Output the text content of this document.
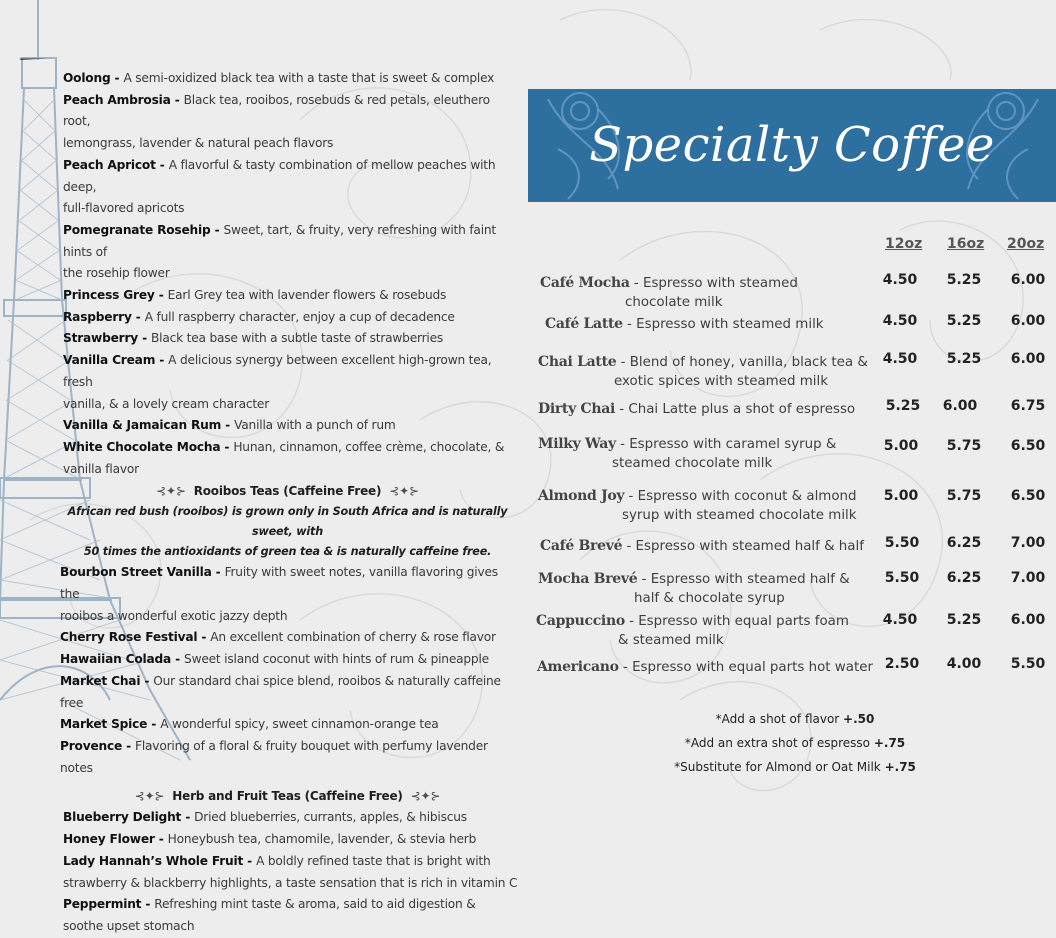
Oolong - A semi-oxidized black tea with a taste that is sweet & complex
Peach Ambrosia - Black tea, rooibos, rosebuds & red petals, eleuthero root,
lemongrass, lavender & natural peach flavors
Peach Apricot - A flavorful & tasty combination of mellow peaches with deep,
full-flavored apricots
Pomegranate Rosehip - Sweet, tart, & fruity, very refreshing with faint hints of
the rosehip flower
Princess Grey - Earl Grey tea with lavender flowers & rosebuds
Raspberry - A full raspberry character, enjoy a cup of decadence
Strawberry - Black tea base with a subtle taste of strawberries
Vanilla Cream - A delicious synergy between excellent high-grown tea, fresh
vanilla, & a lovely cream character
Vanilla & Jamaican Rum - Vanilla with a punch of rum
White Chocolate Mocha - Hunan, cinnamon, coffee crème, chocolate, &
vanilla flavor
⊰✦⊱ Rooibos Teas (Caffeine Free) ⊰✦⊱
African red bush (rooibos) is grown only in South Africa and is naturally sweet, with
50 times the antioxidants of green tea & is naturally caffeine free.
Bourbon Street Vanilla - Fruity with sweet notes, vanilla flavoring gives the
rooibos a wonderful exotic jazzy depth
Cherry Rose Festival - An excellent combination of cherry & rose flavor
Hawaiian Colada - Sweet island coconut with hints of rum & pineapple
Market Chai - Our standard chai spice blend, rooibos & naturally caffeine free
Market Spice - A wonderful spicy, sweet cinnamon-orange tea
Provence - Flavoring of a floral & fruity bouquet with perfumy lavender notes
⊰✦⊱ Herb and Fruit Teas (Caffeine Free) ⊰✦⊱
Blueberry Delight - Dried blueberries, currants, apples, & hibiscus
Honey Flower - Honeybush tea, chamomile, lavender, & stevia herb
Lady Hannah’s Whole Fruit - A boldly refined taste that is bright with
strawberry & blackberry highlights, a taste sensation that is rich in vitamin C
Peppermint - Refreshing mint taste & aroma, said to aid digestion &
soothe upset stomach
Specialty Coffee
12oz 16oz 20oz
Café Mocha - Espresso with steamed
chocolate milk
4.50	5.25	6.00
Café Latte - Espresso with steamed milk	4.50	5.25	6.00
Chai Latte - Blend of honey, vanilla, black tea &
exotic spices with steamed milk
4.50	5.25	6.00
Dirty Chai - Chai Latte plus a shot of espresso	5.25	6.00	6.75
Milky Way - Espresso with caramel syrup &
steamed chocolate milk
5.00	5.75	6.50
Almond Joy - Espresso with coconut & almond
syrup with steamed chocolate milk
5.00	5.75	6.50
Café Brevé - Espresso with steamed half & half	5.50	6.25	7.00
Mocha Brevé - Espresso with steamed half &
half & chocolate syrup
5.50	6.25	7.00
Cappuccino - Espresso with equal parts foam
& steamed milk
4.50	5.25	6.00
Americano - Espresso with equal parts hot water 2.50	4.00	5.50
*Add a shot of flavor +.50
*Add an extra shot of espresso +.75
*Substitute for Almond or Oat Milk +.75
